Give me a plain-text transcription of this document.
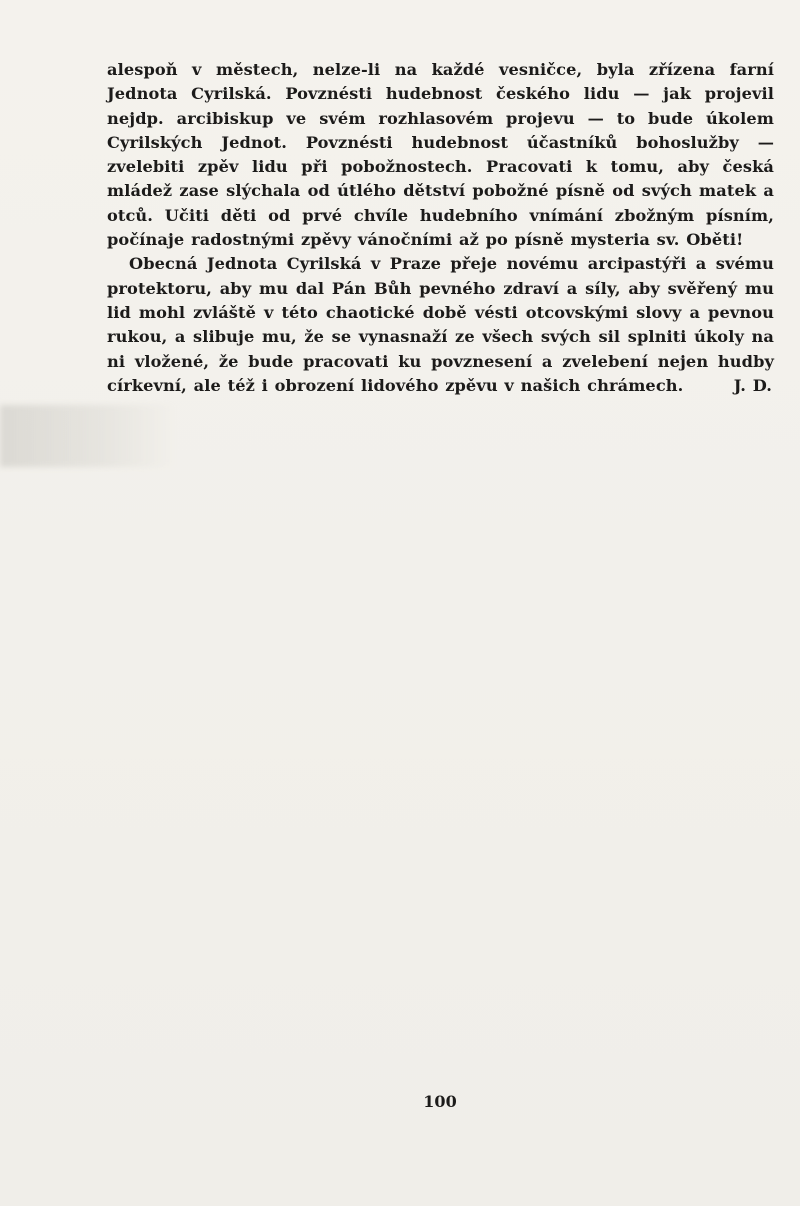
alespoň v městech, nelze-li na každé vesničce, byla zřízena farní Jednota Cyrilská. Povznésti hudebnost českého lidu — jak projevil nejdp. arcibiskup ve svém rozhlasovém projevu — to bude úkolem Cyrilských Jednot. Povznésti hudebnost účastníků bohoslužby — zvelebiti zpěv lidu při pobožnostech. Pracovati k tomu, aby česká mládež zase slýchala od útlého dětství pobožné písně od svých matek a otců. Učiti děti od prvé chvíle hudebního vnímání zbožným písním, počínaje radostnými zpěvy vánočními až po písně mysteria sv. Oběti!

Obecná Jednota Cyrilská v Praze přeje novému arcipastýři a svému protektoru, aby mu dal Pán Bůh pevného zdraví a síly, aby svěřený mu lid mohl zvláště v této chaotické době vésti otcovskými slovy a pevnou rukou, a slibuje mu, že se vynasnaží ze všech svých sil splniti úkoly na ni vložené, že bude pracovati ku povznesení a zvelebení nejen hudby církevní, ale též i obrození lidového zpěvu v našich chrámech.	J. D.

100
